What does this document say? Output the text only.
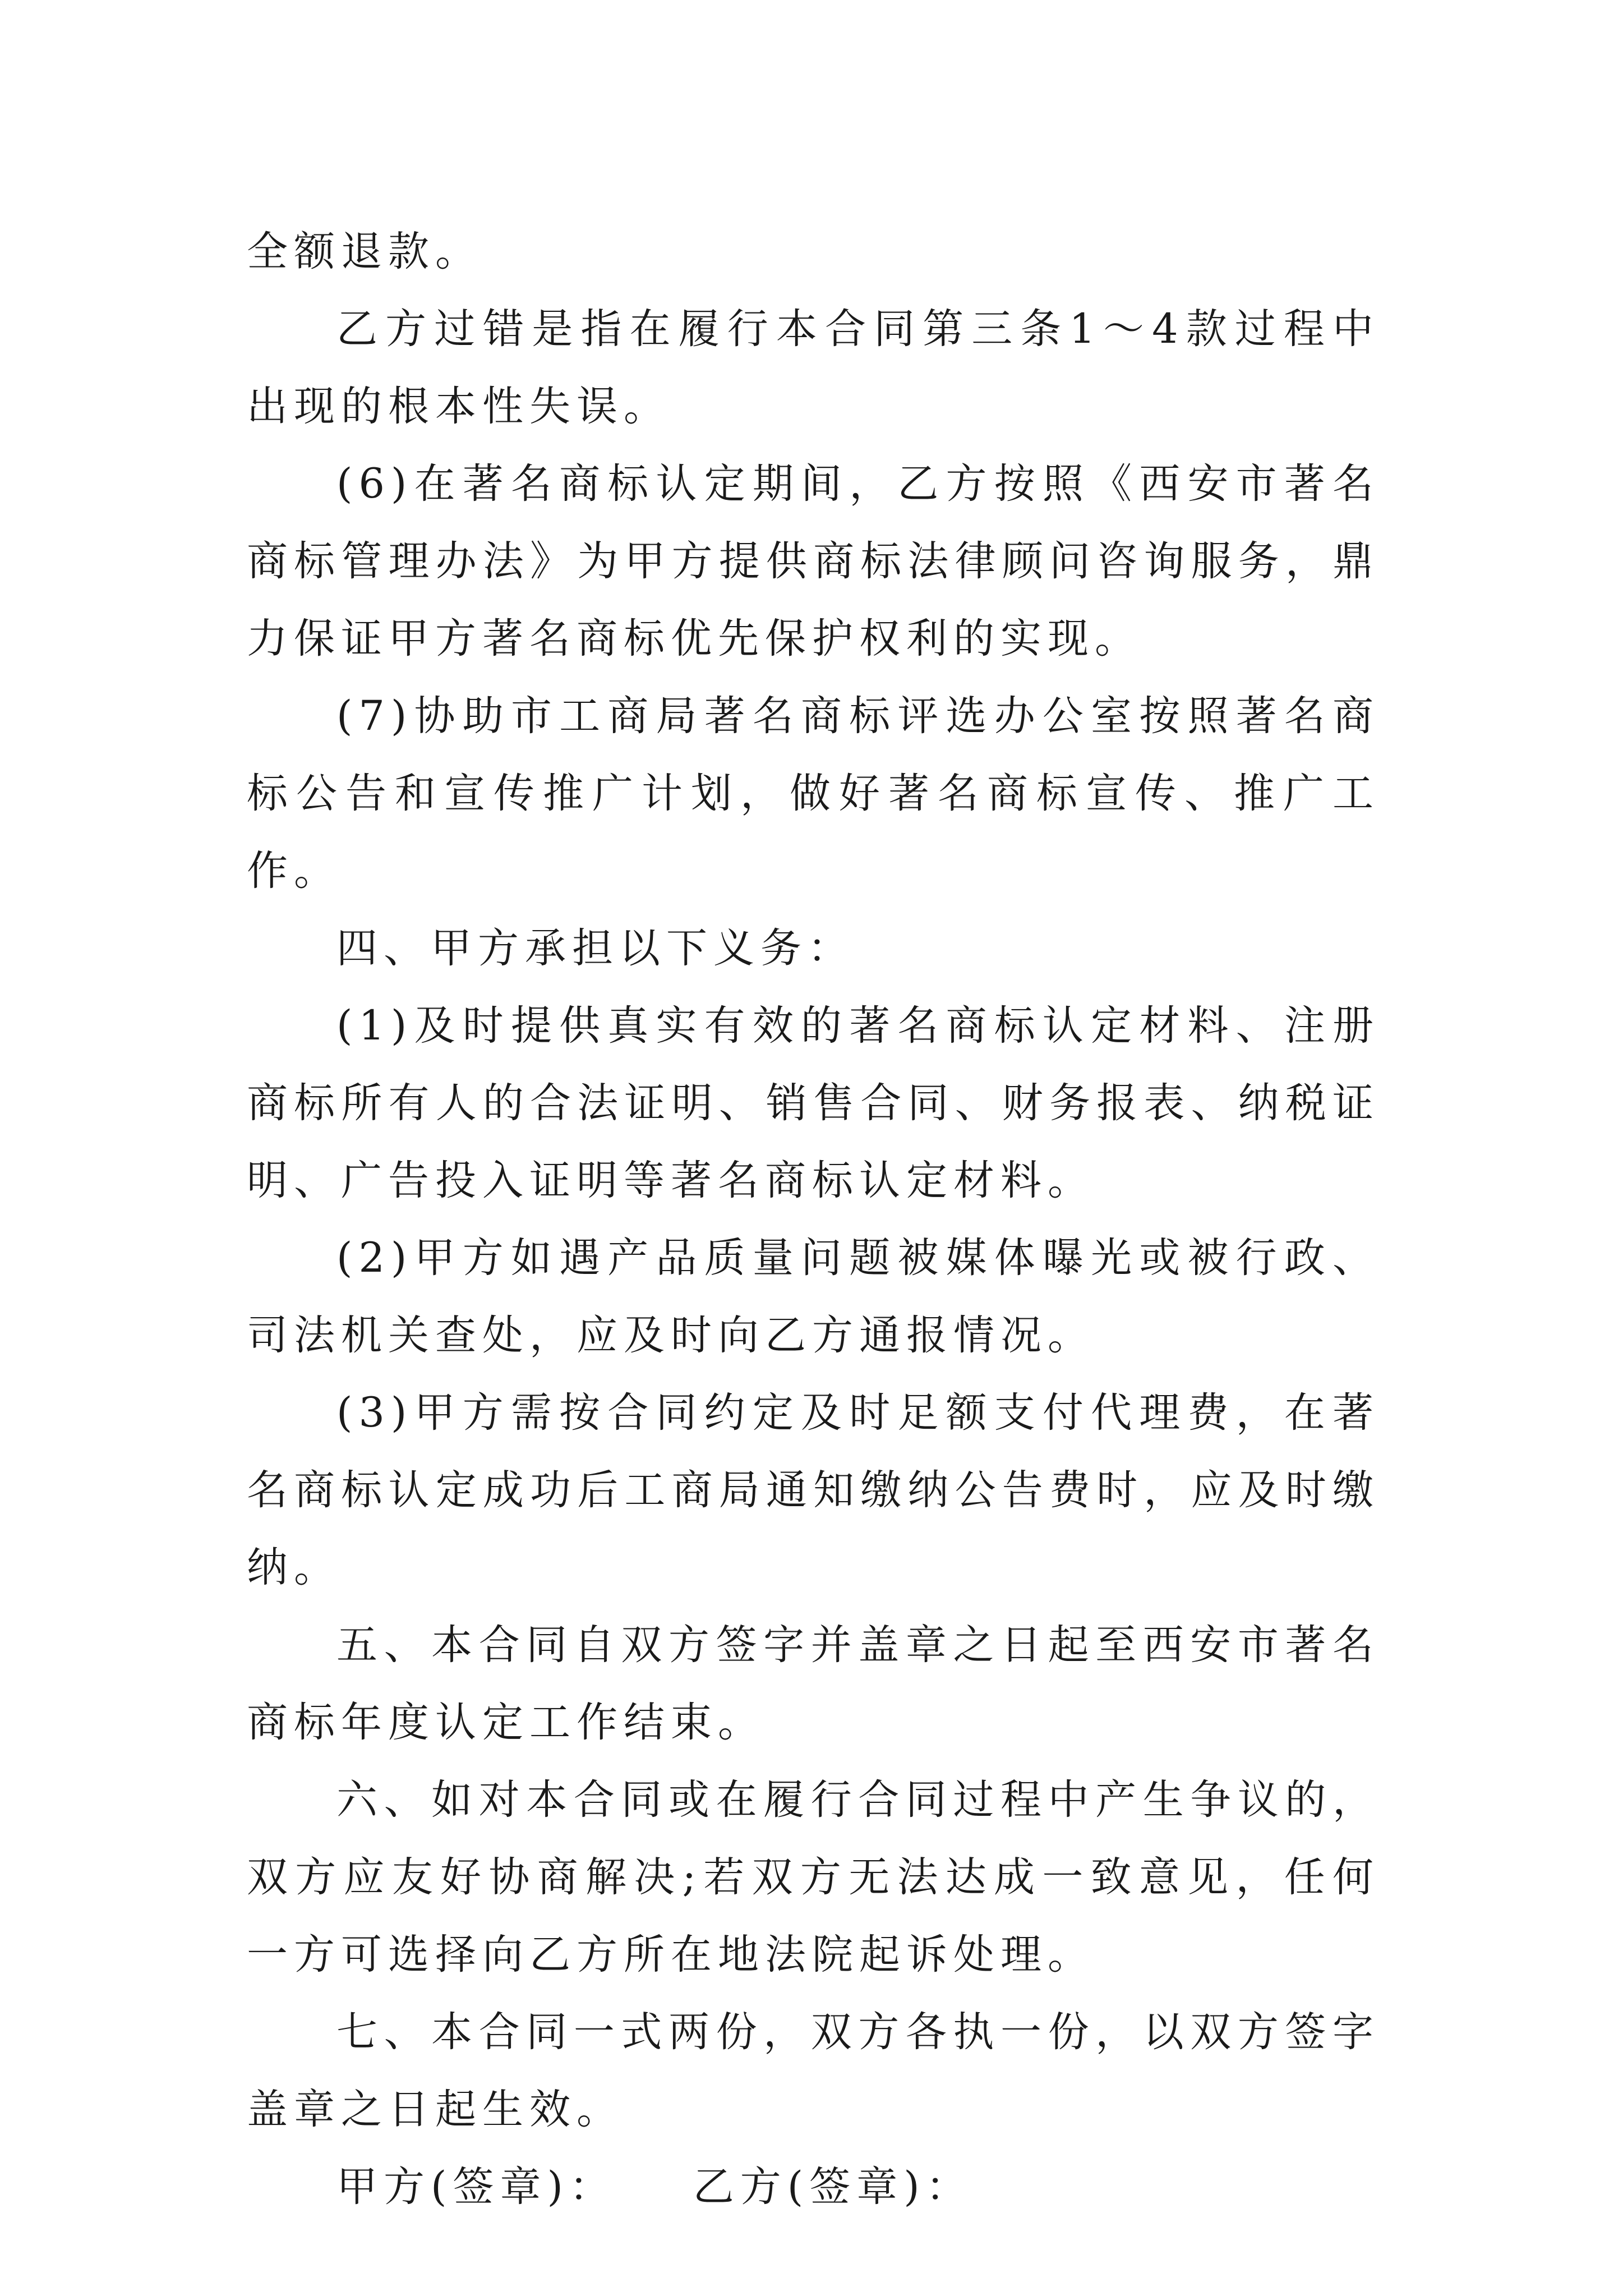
全额退款。

乙方过错是指在履行本合同第三条1～4款过程中出现的根本性失误。

(6)在著名商标认定期间，乙方按照《西安市著名商标管理办法》为甲方提供商标法律顾问咨询服务，鼎力保证甲方著名商标优先保护权利的实现。

(7)协助市工商局著名商标评选办公室按照著名商标公告和宣传推广计划，做好著名商标宣传、推广工作。

四、甲方承担以下义务：

(1)及时提供真实有效的著名商标认定材料、注册商标所有人的合法证明、销售合同、财务报表、纳税证明、广告投入证明等著名商标认定材料。

(2)甲方如遇产品质量问题被媒体曝光或被行政、司法机关查处，应及时向乙方通报情况。

(3)甲方需按合同约定及时足额支付代理费，在著名商标认定成功后工商局通知缴纳公告费时，应及时缴纳。

五、本合同自双方签字并盖章之日起至西安市著名商标年度认定工作结束。

六、如对本合同或在履行合同过程中产生争议的，双方应友好协商解决;若双方无法达成一致意见，任何一方可选择向乙方所在地法院起诉处理。

七、本合同一式两份，双方各执一份，以双方签字盖章之日起生效。

甲方(签章)： 乙方(签章)：
